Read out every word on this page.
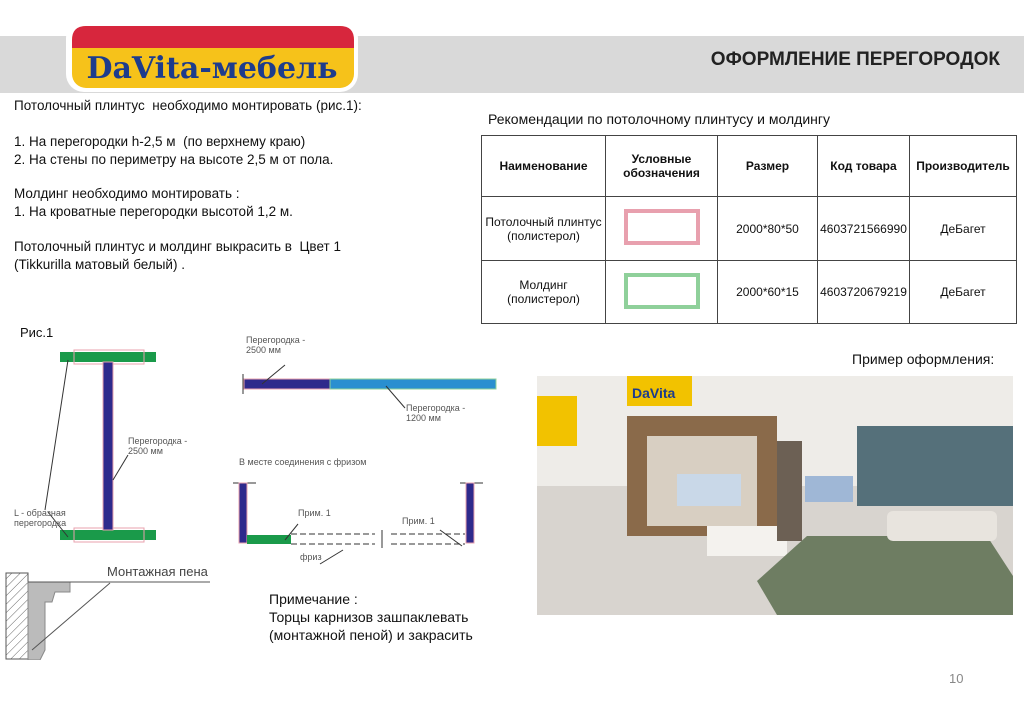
DaVita-мебель	ОФОРМЛЕНИЕ ПЕРЕГОРОДОК
Потолочный плинтус  необходимо монтировать (рис.1):
1. На перегородки h-2,5 м  (по верхнему краю)
2. На стены по периметру на высоте 2,5 м от пола.
Молдинг необходимо монтировать :
1. На кроватные перегородки высотой 1,2 м.
Потолочный плинтус и молдинг выкрасить в  Цвет 1
(Tikkurilla матовый белый) .
Рис.1
L - образная
перегородка
Перегородка -
2500 мм
Перегородка -
2500 мм
Перегородка -
1200 мм
В месте соединения с фризом
Прим. 1
Прим. 1
фриз
Монтажная пена
Примечание :
Торцы карнизов зашпаклевать
(монтажной пеной) и закрасить
Рекомендации по потолочному плинтусу и молдингу
Наименование	Условные обозначения	Размер	Код товара	Производитель
Потолочный плинтус (полистерол)		2000*80*50	4603721566990	ДеБагет
Молдинг (полистерол)		2000*60*15	4603720679219	ДеБагет
Пример оформления:
DaVita
10
